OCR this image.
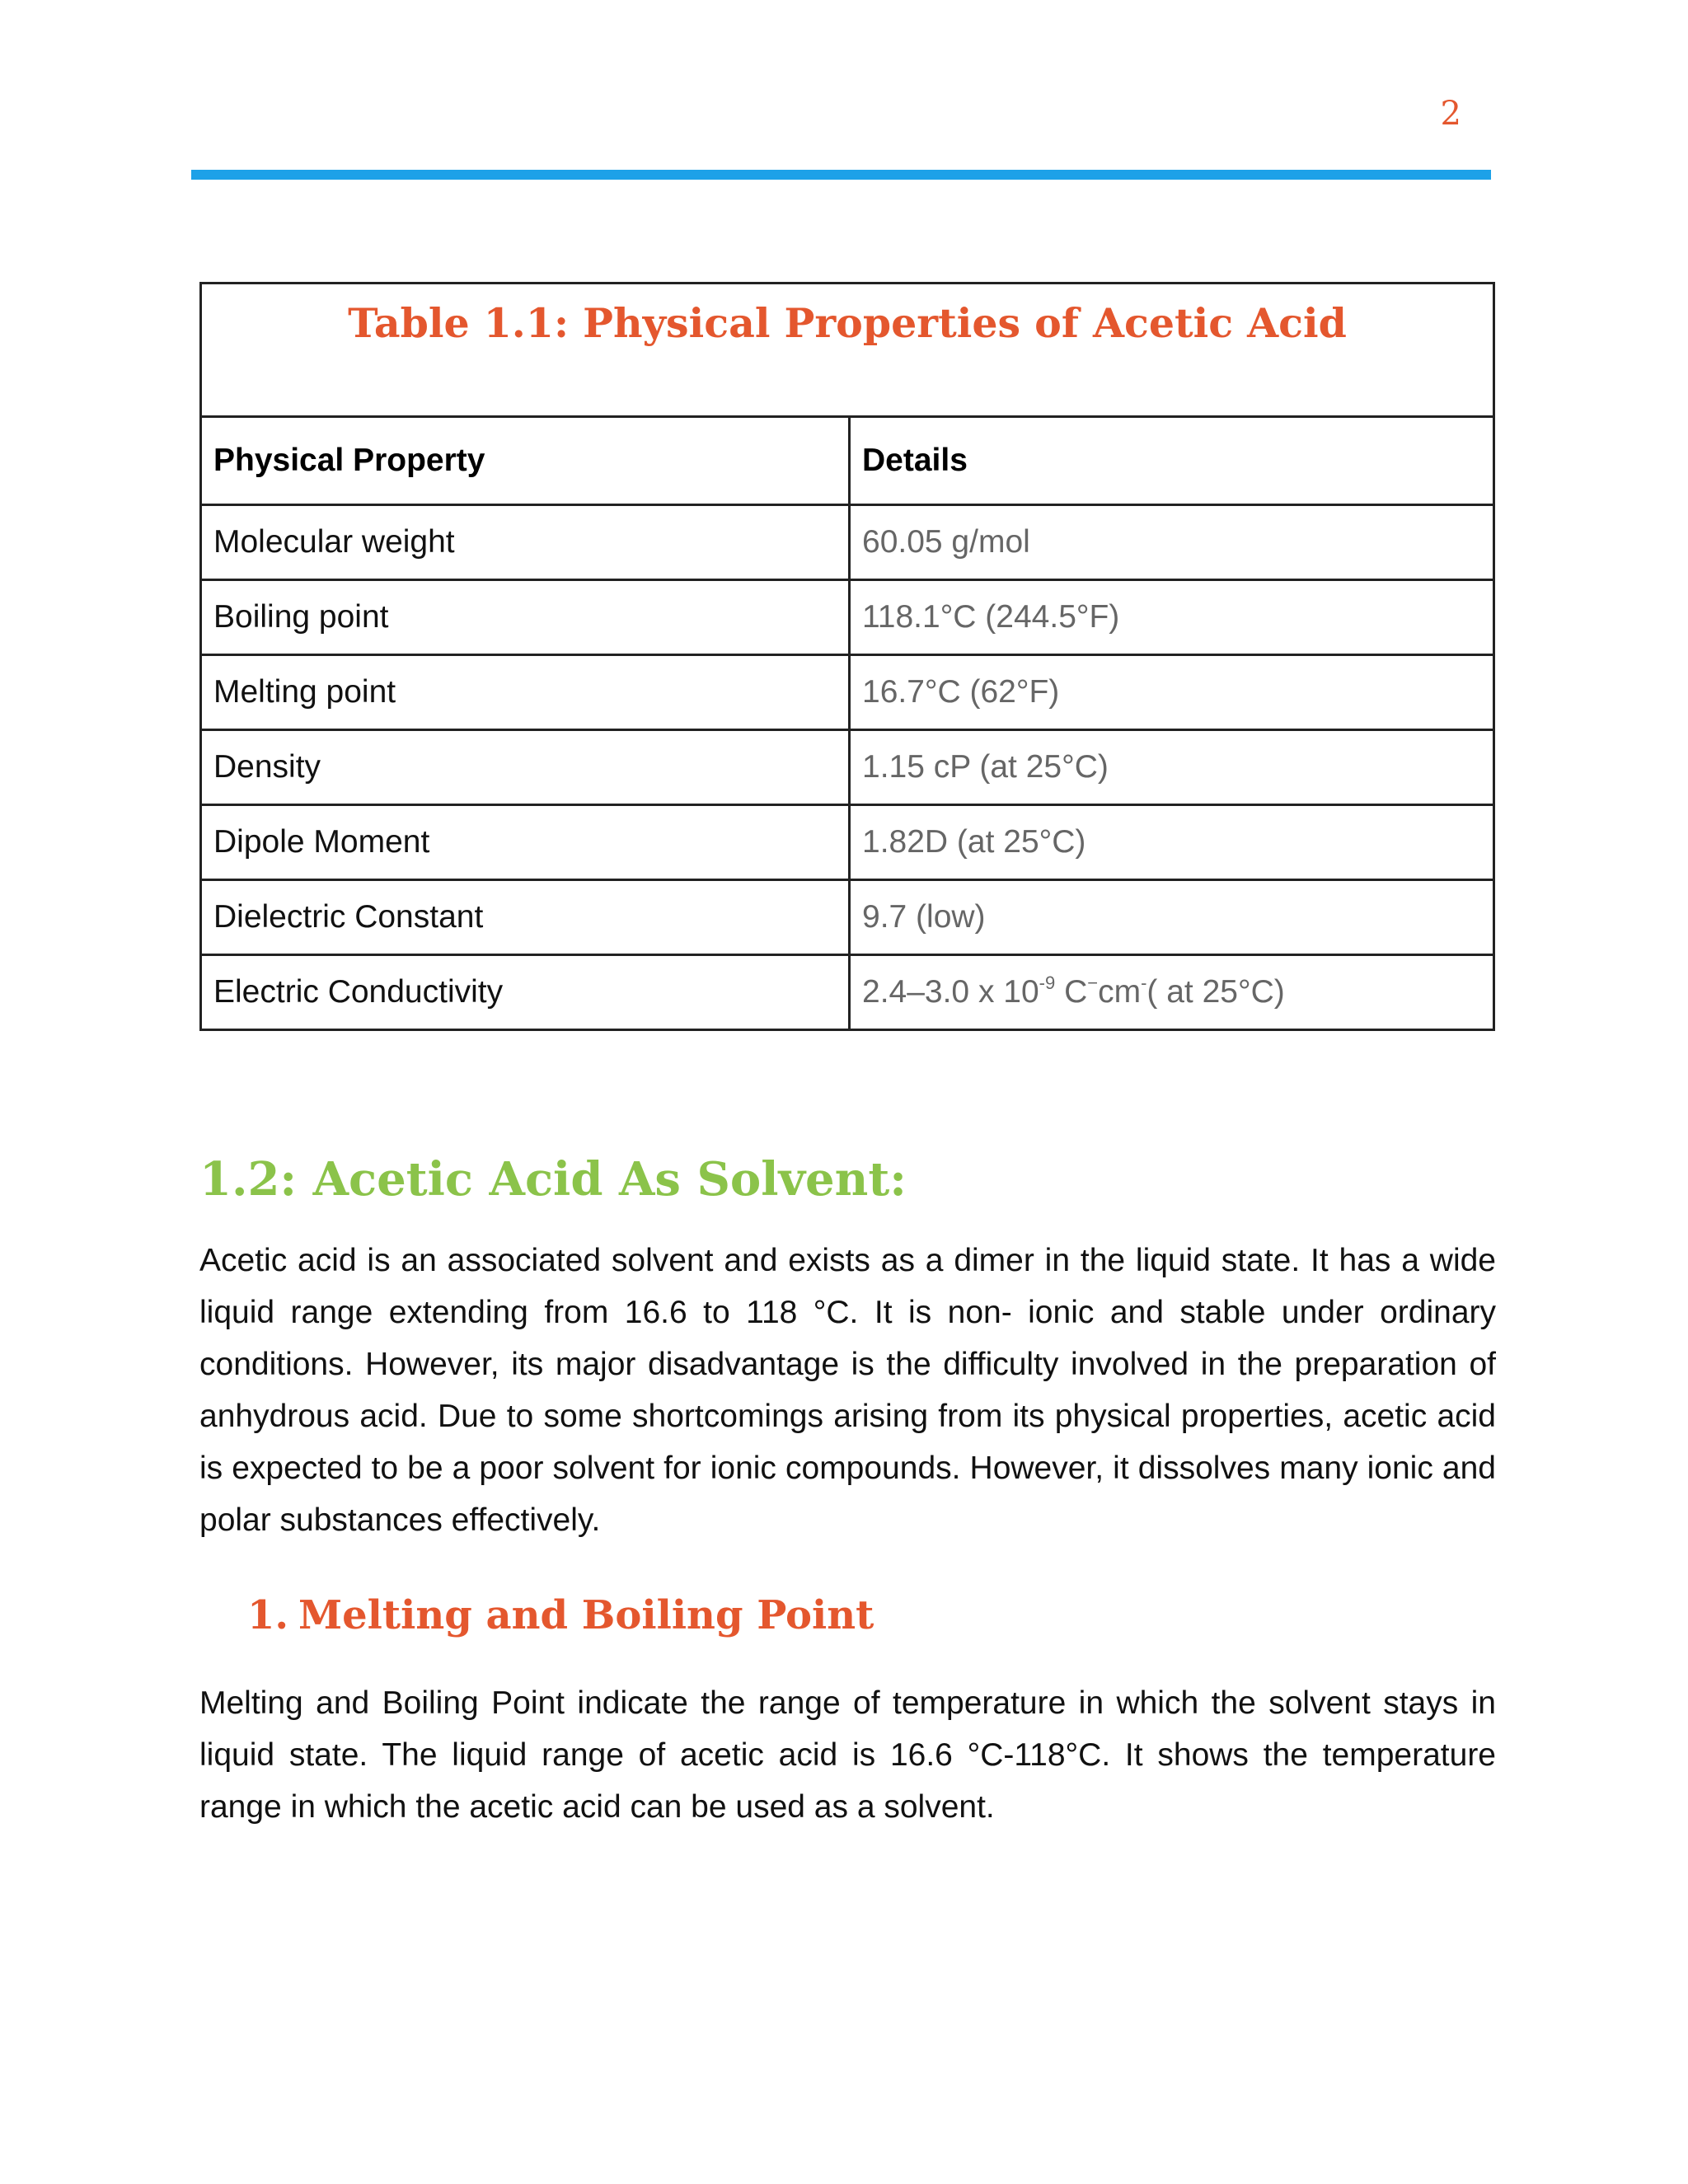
2
Table 1.1: Physical Properties of Acetic Acid	
Physical Property	Details
Molecular weight	60.05 g/mol
Boiling point	118.1°C (244.5°F)
Melting point	16.7°C (62°F)
Density	1.15 cP (at 25°C)
Dipole Moment	1.82D (at 25°C)
Dielectric Constant	9.7 (low)
Electric Conductivity	2.4–3.0 x $10^{-9}$ C−cm-( at 25°C)
1.2: Acetic Acid As Solvent:

Acetic acid is an associated solvent and exists as a dimer in the liquid state. It has a wide liquid range extending from 16.6 to 118 °C. It is non- ionic and stable under ordinary conditions. However, its major disadvantage is the difficulty involved in the preparation of anhydrous acid. Due to some shortcomings arising from its physical properties, acetic acid is expected to be a poor solvent for ionic compounds. However, it dissolves many ionic and polar substances effectively.

1. Melting and Boiling Point

Melting and Boiling Point indicate the range of temperature in which the solvent stays in liquid state. The liquid range of acetic acid is 16.6 °C-118°C. It shows the temperature range in which the acetic acid can be used as a solvent.
